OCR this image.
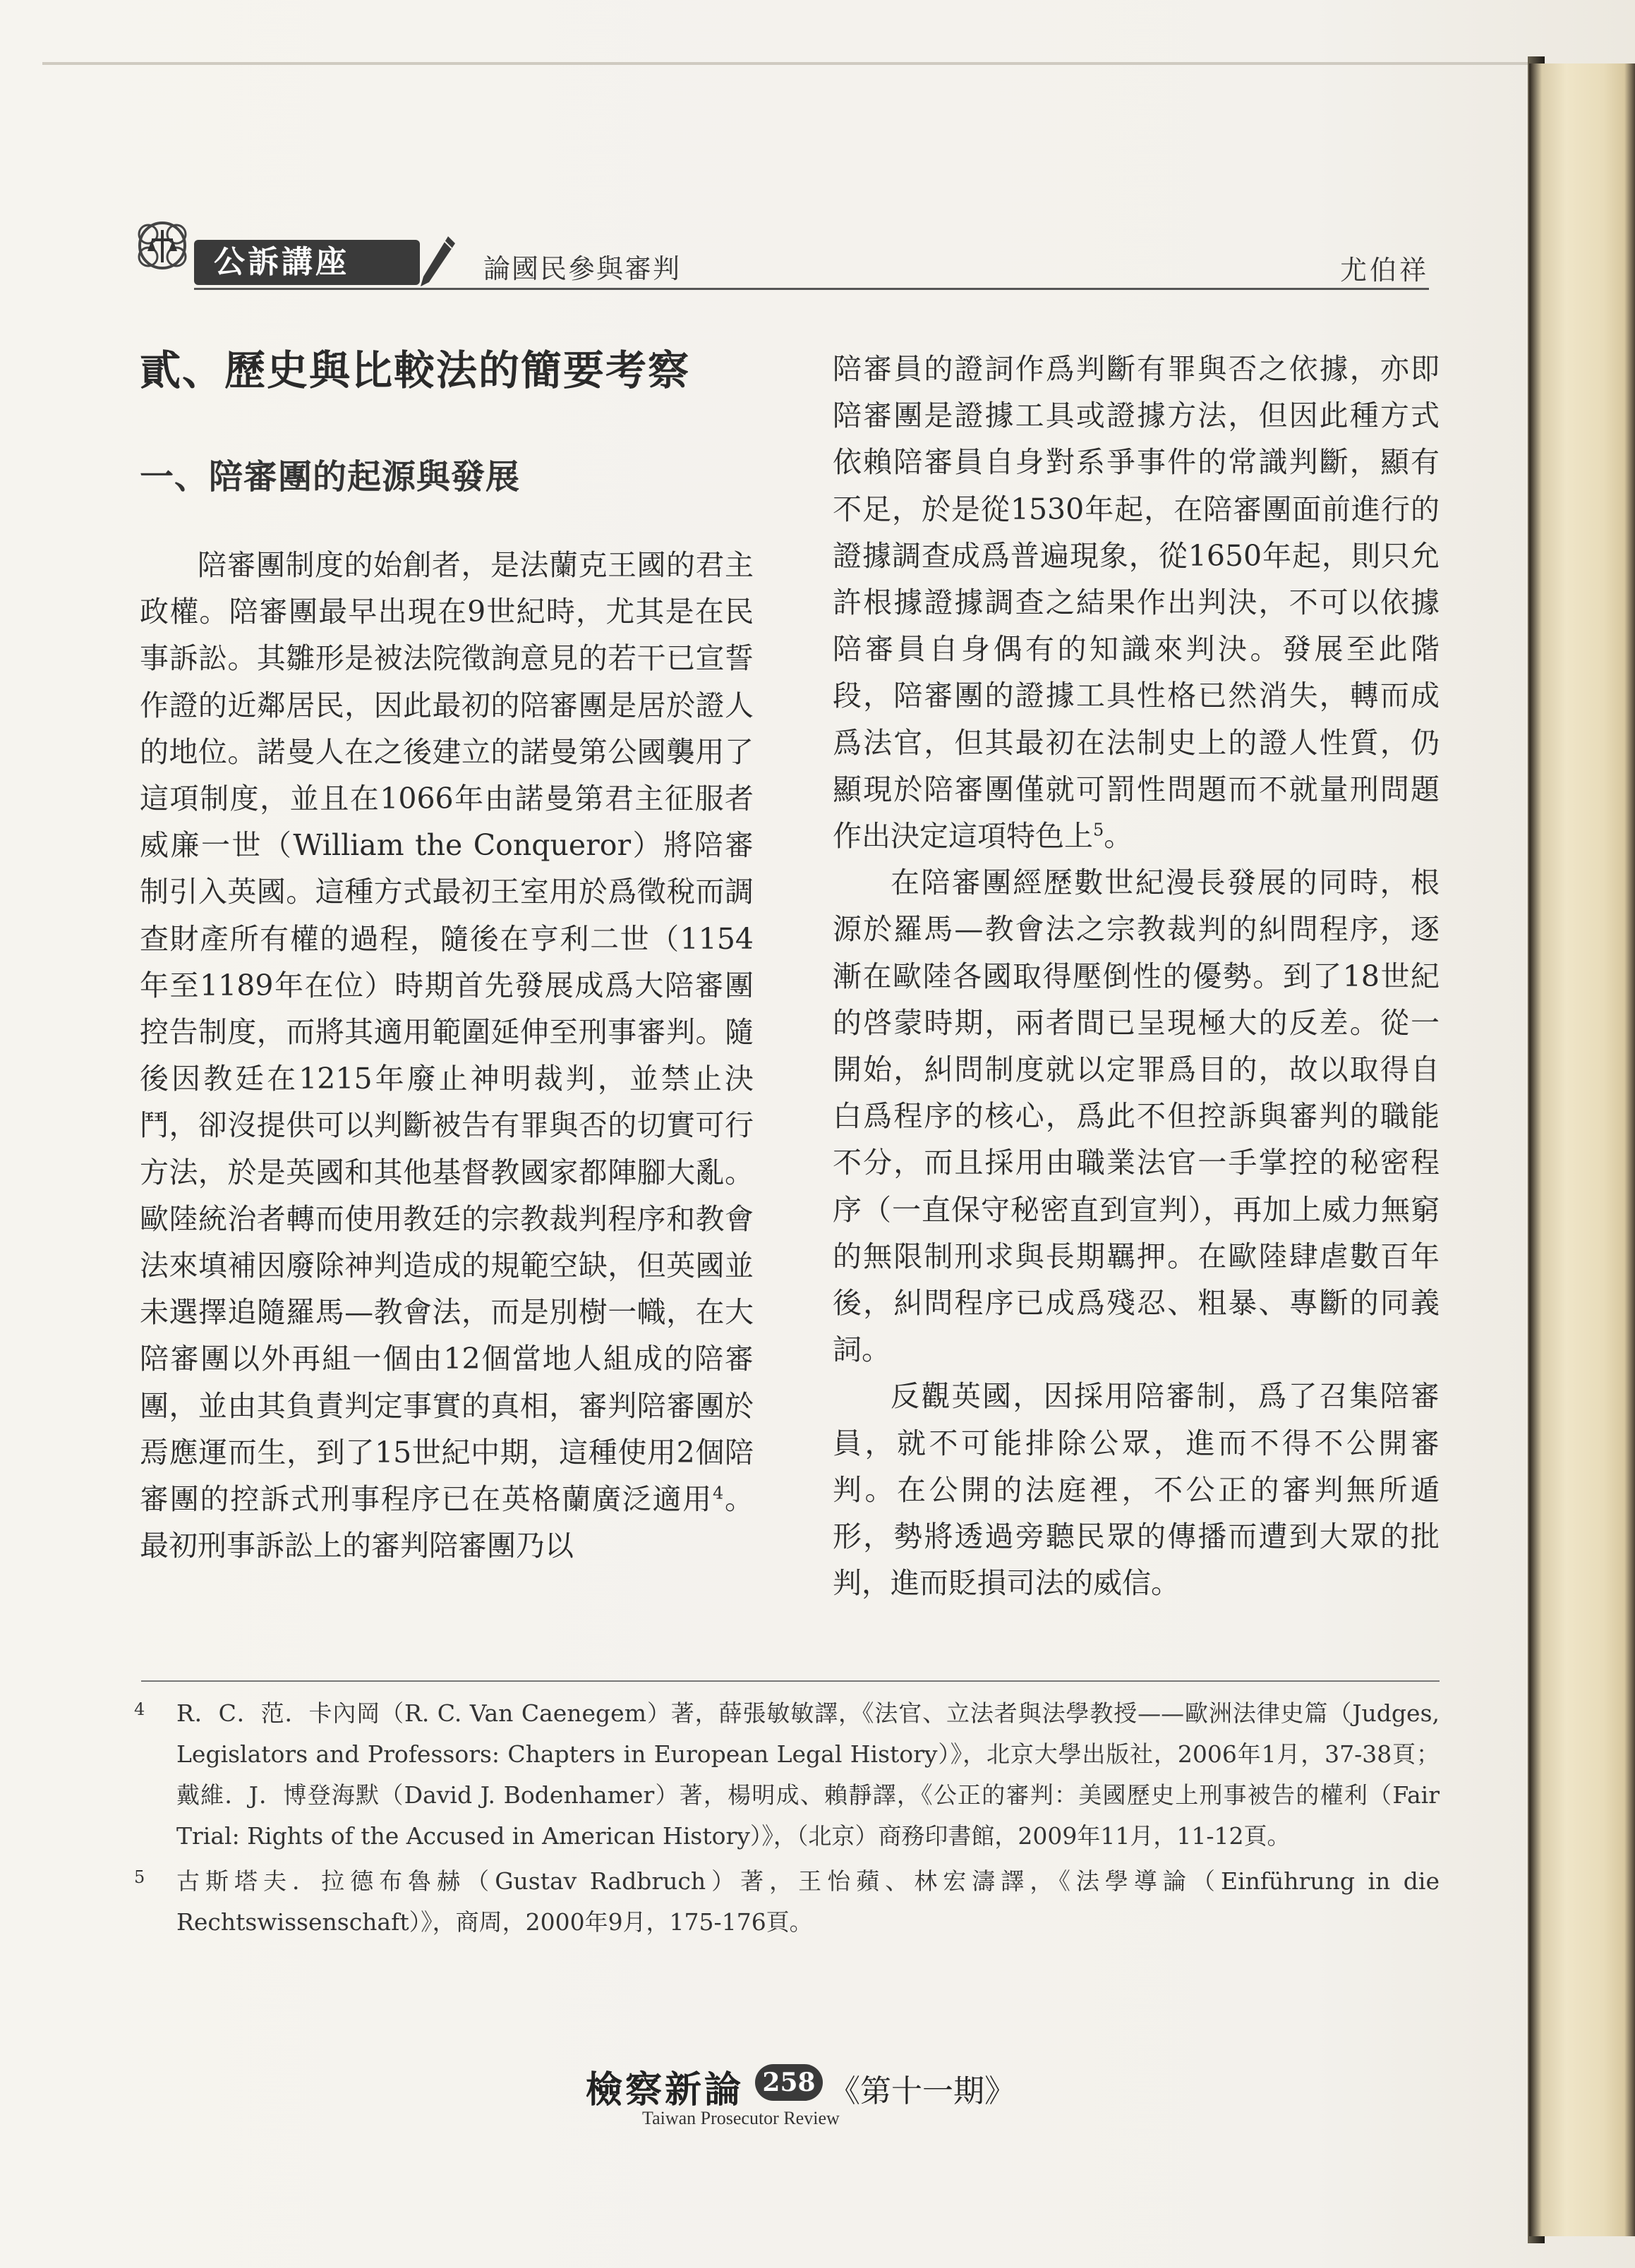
公訴講座	論國民參與審判	尤伯祥
貳、歷史與比較法的簡要考察
一、陪審團的起源與發展

陪審團制度的始創者，是法蘭克王國的君主政權。陪審團最早出現在9世紀時，尤其是在民事訴訟。其雛形是被法院徵詢意見的若干已宣誓作證的近鄰居民，因此最初的陪審團是居於證人的地位。諾曼人在之後建立的諾曼第公國襲用了這項制度，並且在1066年由諾曼第君主征服者威廉一世（William the Conqueror）將陪審制引入英國。這種方式最初王室用於爲徵稅而調查財產所有權的過程，隨後在亨利二世（1154年至1189年在位）時期首先發展成爲大陪審團控告制度，而將其適用範圍延伸至刑事審判。隨後因教廷在1215年廢止神明裁判，並禁止決鬥，卻沒提供可以判斷被告有罪與否的切實可行方法，於是英國和其他基督教國家都陣腳大亂。歐陸統治者轉而使用教廷的宗教裁判程序和教會法來填補因廢除神判造成的規範空缺，但英國並未選擇追隨羅馬—教會法，而是別樹一幟，在大陪審團以外再組一個由12個當地人組成的陪審團，並由其負責判定事實的真相，審判陪審團於焉應運而生，到了15世紀中期，這種使用2個陪審團的控訴式刑事程序已在英格蘭廣泛適用$^4$。最初刑事訴訟上的審判陪審團乃以

陪審員的證詞作爲判斷有罪與否之依據，亦即陪審團是證據工具或證據方法，但因此種方式依賴陪審員自身對系爭事件的常識判斷，顯有不足，於是從1530年起，在陪審團面前進行的證據調查成爲普遍現象，從1650年起，則只允許根據證據調查之結果作出判決，不可以依據陪審員自身偶有的知識來判決。發展至此階段，陪審團的證據工具性格已然消失，轉而成爲法官，但其最初在法制史上的證人性質，仍顯現於陪審團僅就可罰性問題而不就量刑問題作出決定這項特色上$^5$。

在陪審團經歷數世紀漫長發展的同時，根源於羅馬—教會法之宗教裁判的糾問程序，逐漸在歐陸各國取得壓倒性的優勢。到了18世紀的啓蒙時期，兩者間已呈現極大的反差。從一開始，糾問制度就以定罪爲目的，故以取得自白爲程序的核心，爲此不但控訴與審判的職能不分，而且採用由職業法官一手掌控的秘密程序（一直保守秘密直到宣判），再加上威力無窮的無限制刑求與長期羈押。在歐陸肆虐數百年後，糾問程序已成爲殘忍、粗暴、專斷的同義詞。

反觀英國，因採用陪審制，爲了召集陪審員，就不可能排除公眾，進而不得不公開審判。在公開的法庭裡，不公正的審判無所遁形，勢將透過旁聽民眾的傳播而遭到大眾的批判，進而貶損司法的威信。

4 R．C．范．卡內岡（R. C. Van Caenegem）著，薛張敏敏譯，《法官、立法者與法學教授——歐洲法律史篇（Judges, Legislators and Professors: Chapters in European Legal History）》，北京大學出版社，2006年1月，37-38頁；戴維．J．博登海默（David J. Bodenhamer）著，楊明成、賴靜譯，《公正的審判：美國歷史上刑事被告的權利（Fair Trial: Rights of the Accused in American History）》，（北京）商務印書館，2009年11月，11-12頁。
5 古斯塔夫．拉德布魯赫（Gustav Radbruch）著，王怡蘋、林宏濤譯，《法學導論（Einführung in die Rechtswissenschaft）》，商周，2000年9月，175-176頁。
檢察新論 258 《第十一期》
Taiwan Prosecutor Review
